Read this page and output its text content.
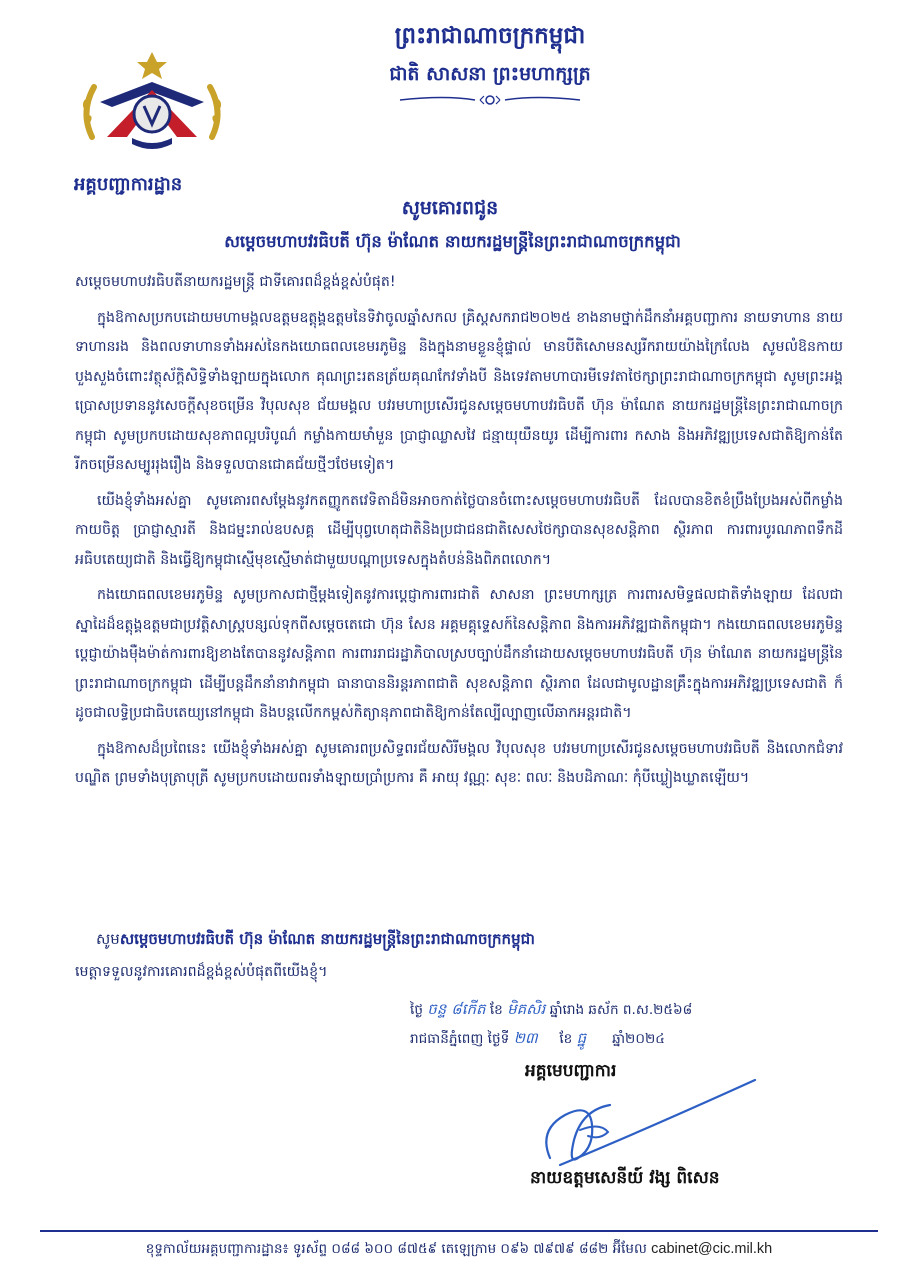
អគ្គបញ្ជាការដ្ឋាន
ព្រះរាជាណាចក្រកម្ពុជា
ជាតិ សាសនា ព្រះមហាក្សត្រ
សូមគោរពជូន
សម្ដេចមហាបវរធិបតី ហ៊ុន ម៉ាណែត នាយករដ្ឋមន្ត្រីនៃព្រះរាជាណាចក្រកម្ពុជា

សម្ដេចមហាបវរធិបតីនាយករដ្ឋមន្ត្រី ជាទីគោរពដ៏ខ្ពង់ខ្ពស់បំផុត!

ក្នុងឱកាសប្រកបដោយមហាមង្គលឧត្តមឧត្តុង្គឧត្តមនៃទិវាចូលឆ្នាំសកល គ្រិស្តសករាជ២០២៥ ខាងនាមថ្នាក់ដឹកនាំអគ្គបញ្ជាការ នាយទាហាន នាយទាហានរង និងពលទាហានទាំងអស់នៃកងយោធពលខេមរភូមិន្ទ និងក្នុងនាមខ្លួនខ្ញុំផ្ទាល់ មានបីតិសោមនស្សរីករាយយ៉ាងក្រៃលែង សូមលំឱនកាយបួងសួងចំពោះវត្ថុស័ក្តិសិទ្ធិទាំងឡាយក្នុងលោក គុណព្រះរតនត្រ័យគុណកែវទាំងបី និងទេវតាមហាបារមីទេវតាថៃក្សាព្រះរាជាណាចក្រកម្ពុជា សូមព្រះអង្គប្រោសប្រទាននូវសេចក្តីសុខចម្រើន វិបុលសុខ ជ័យមង្គល បវរមហាប្រសើរជូនសម្តេចមហាបវរធិបតី ហ៊ុន ម៉ាណែត នាយករដ្ឋមន្ត្រីនៃព្រះរាជាណាចក្រកម្ពុជា សូមប្រកបដោយសុខភាពល្អបរិបូណ៌ កម្លាំងកាយមាំមួន ប្រាជ្ញាឈ្លាសវៃ ជន្មាយុយឺនយូរ ដើម្បីការពារ កសាង និងអភិវឌ្ឍប្រទេសជាតិឱ្យកាន់តែរីកចម្រើនសម្បូររុងរឿង និងទទួលបានជោគជ័យថ្មីៗថែមទៀត។

យើងខ្ញុំទាំងអស់គ្នា សូមគោរពសម្តែងនូវកតញ្ញូកតវេទិតាដ៏មិនអាចកាត់ថ្លៃបានចំពោះសម្តេចមហាបវរធិបតី ដែលបានខិតខំប្រឹងប្រែងអស់ពីកម្លាំងកាយចិត្ត ប្រាជ្ញាស្មារតី និងជម្នះរាល់ឧបសគ្គ ដើម្បីបុព្វហេតុជាតិនិងប្រជាជនជាតិសេសថៃក្សាបានសុខសន្តិភាព ស្ថិរភាព ការពារបូរណភាពទឹកដី អធិបតេយ្យជាតិ និងធ្វើឱ្យកម្ពុជាស្មើមុខស្មើមាត់ជាមួយបណ្តាប្រទេសក្នុងតំបន់និងពិភពលោក។

កងយោធពលខេមរភូមិន្ទ សូមប្រកាសជាថ្មីម្តងទៀតនូវការប្តេជ្ញាការពារជាតិ សាសនា ព្រះមហាក្សត្រ ការពារសមិទ្ធផលជាតិទាំងឡាយ ដែលជាស្នាដៃដ៏ឧត្តុង្គឧត្តមជាប្រវត្តិសាស្ត្របន្សល់ទុកពីសម្តេចតេជោ ហ៊ុន សែន អគ្គមគ្គុទ្ទេសក៍នៃសន្តិភាព និងការអភិវឌ្ឍជាតិកម្ពុជា។ កងយោធពលខេមរភូមិន្ទ ប្តេជ្ញាយ៉ាងម៉ឺងម៉ាត់ការពារឱ្យខាងតែបាននូវសន្តិភាព ការពាររាជរដ្ឋាភិបាលស្របច្បាប់ដឹកនាំដោយសម្តេចមហាបវរធិបតី ហ៊ុន ម៉ាណែត នាយករដ្ឋមន្ត្រីនៃព្រះរាជាណាចក្រកម្ពុជា ដើម្បីបន្តដឹកនាំនាវាកម្ពុជា ធានាបាននិរន្តរភាពជាតិ សុខសន្តិភាព ស្ថិរភាព ដែលជាមូលដ្ឋានគ្រឹះក្នុងការអភិវឌ្ឍប្រទេសជាតិ ក៏ដូចជាលទ្ធិប្រជាធិបតេយ្យនៅកម្ពុជា និងបន្តលើកកម្ពស់កិត្យានុភាពជាតិឱ្យកាន់តែល្បីល្បាញលើឆាកអន្តរជាតិ។

ក្នុងឱកាសដ៏ប្រពៃនេះ យើងខ្ញុំទាំងអស់គ្នា សូមគោរពប្រសិទ្ធពរជ័យសិរីមង្គល វិបុលសុខ បវរមហាប្រសើរជូនសម្តេចមហាបវរធិបតី និងលោកជំទាវបណ្ឌិត ព្រមទាំងបុត្រាបុត្រី សូមប្រកបដោយពរទាំងឡាយប្រាំប្រការ គឺ អាយុ វណ្ណៈ សុខៈ ពលៈ និងបដិភាណៈ កុំបីឃ្លៀងឃ្លាតឡើយ។

សូមសម្តេចមហាបវរធិបតី ហ៊ុន ម៉ាណែត នាយករដ្ឋមន្ត្រីនៃព្រះរាជាណាចក្រកម្ពុជា
មេត្តាទទួលនូវការគោរពដ៏ខ្ពង់ខ្ពស់បំផុតពីយើងខ្ញុំ។
ថ្ងៃ ចន្ទ ៨កើត ខែ មិគសិរ ឆ្នាំរោង ឆស័ក ព.ស.២៥៦៨
រាជធានីភ្នំពេញ ថ្ងៃទី ២៣ ខែ ធ្នូ ឆ្នាំ២០២៤
អគ្គមេបញ្ជាការ
នាយឧត្តមសេនីយ៍ វង្ស ពិសេន
ខុទ្ទកាល័យអគ្គបញ្ជាការដ្ឋាន៖ ទូរស័ព្ទ ០៨៨ ៦០០ ៨៧៥៩ តេឡេក្រាម ០៩៦ ៧៩៧៩ ៨៨២ អ៊ីមែល cabinet@cic.mil.kh
